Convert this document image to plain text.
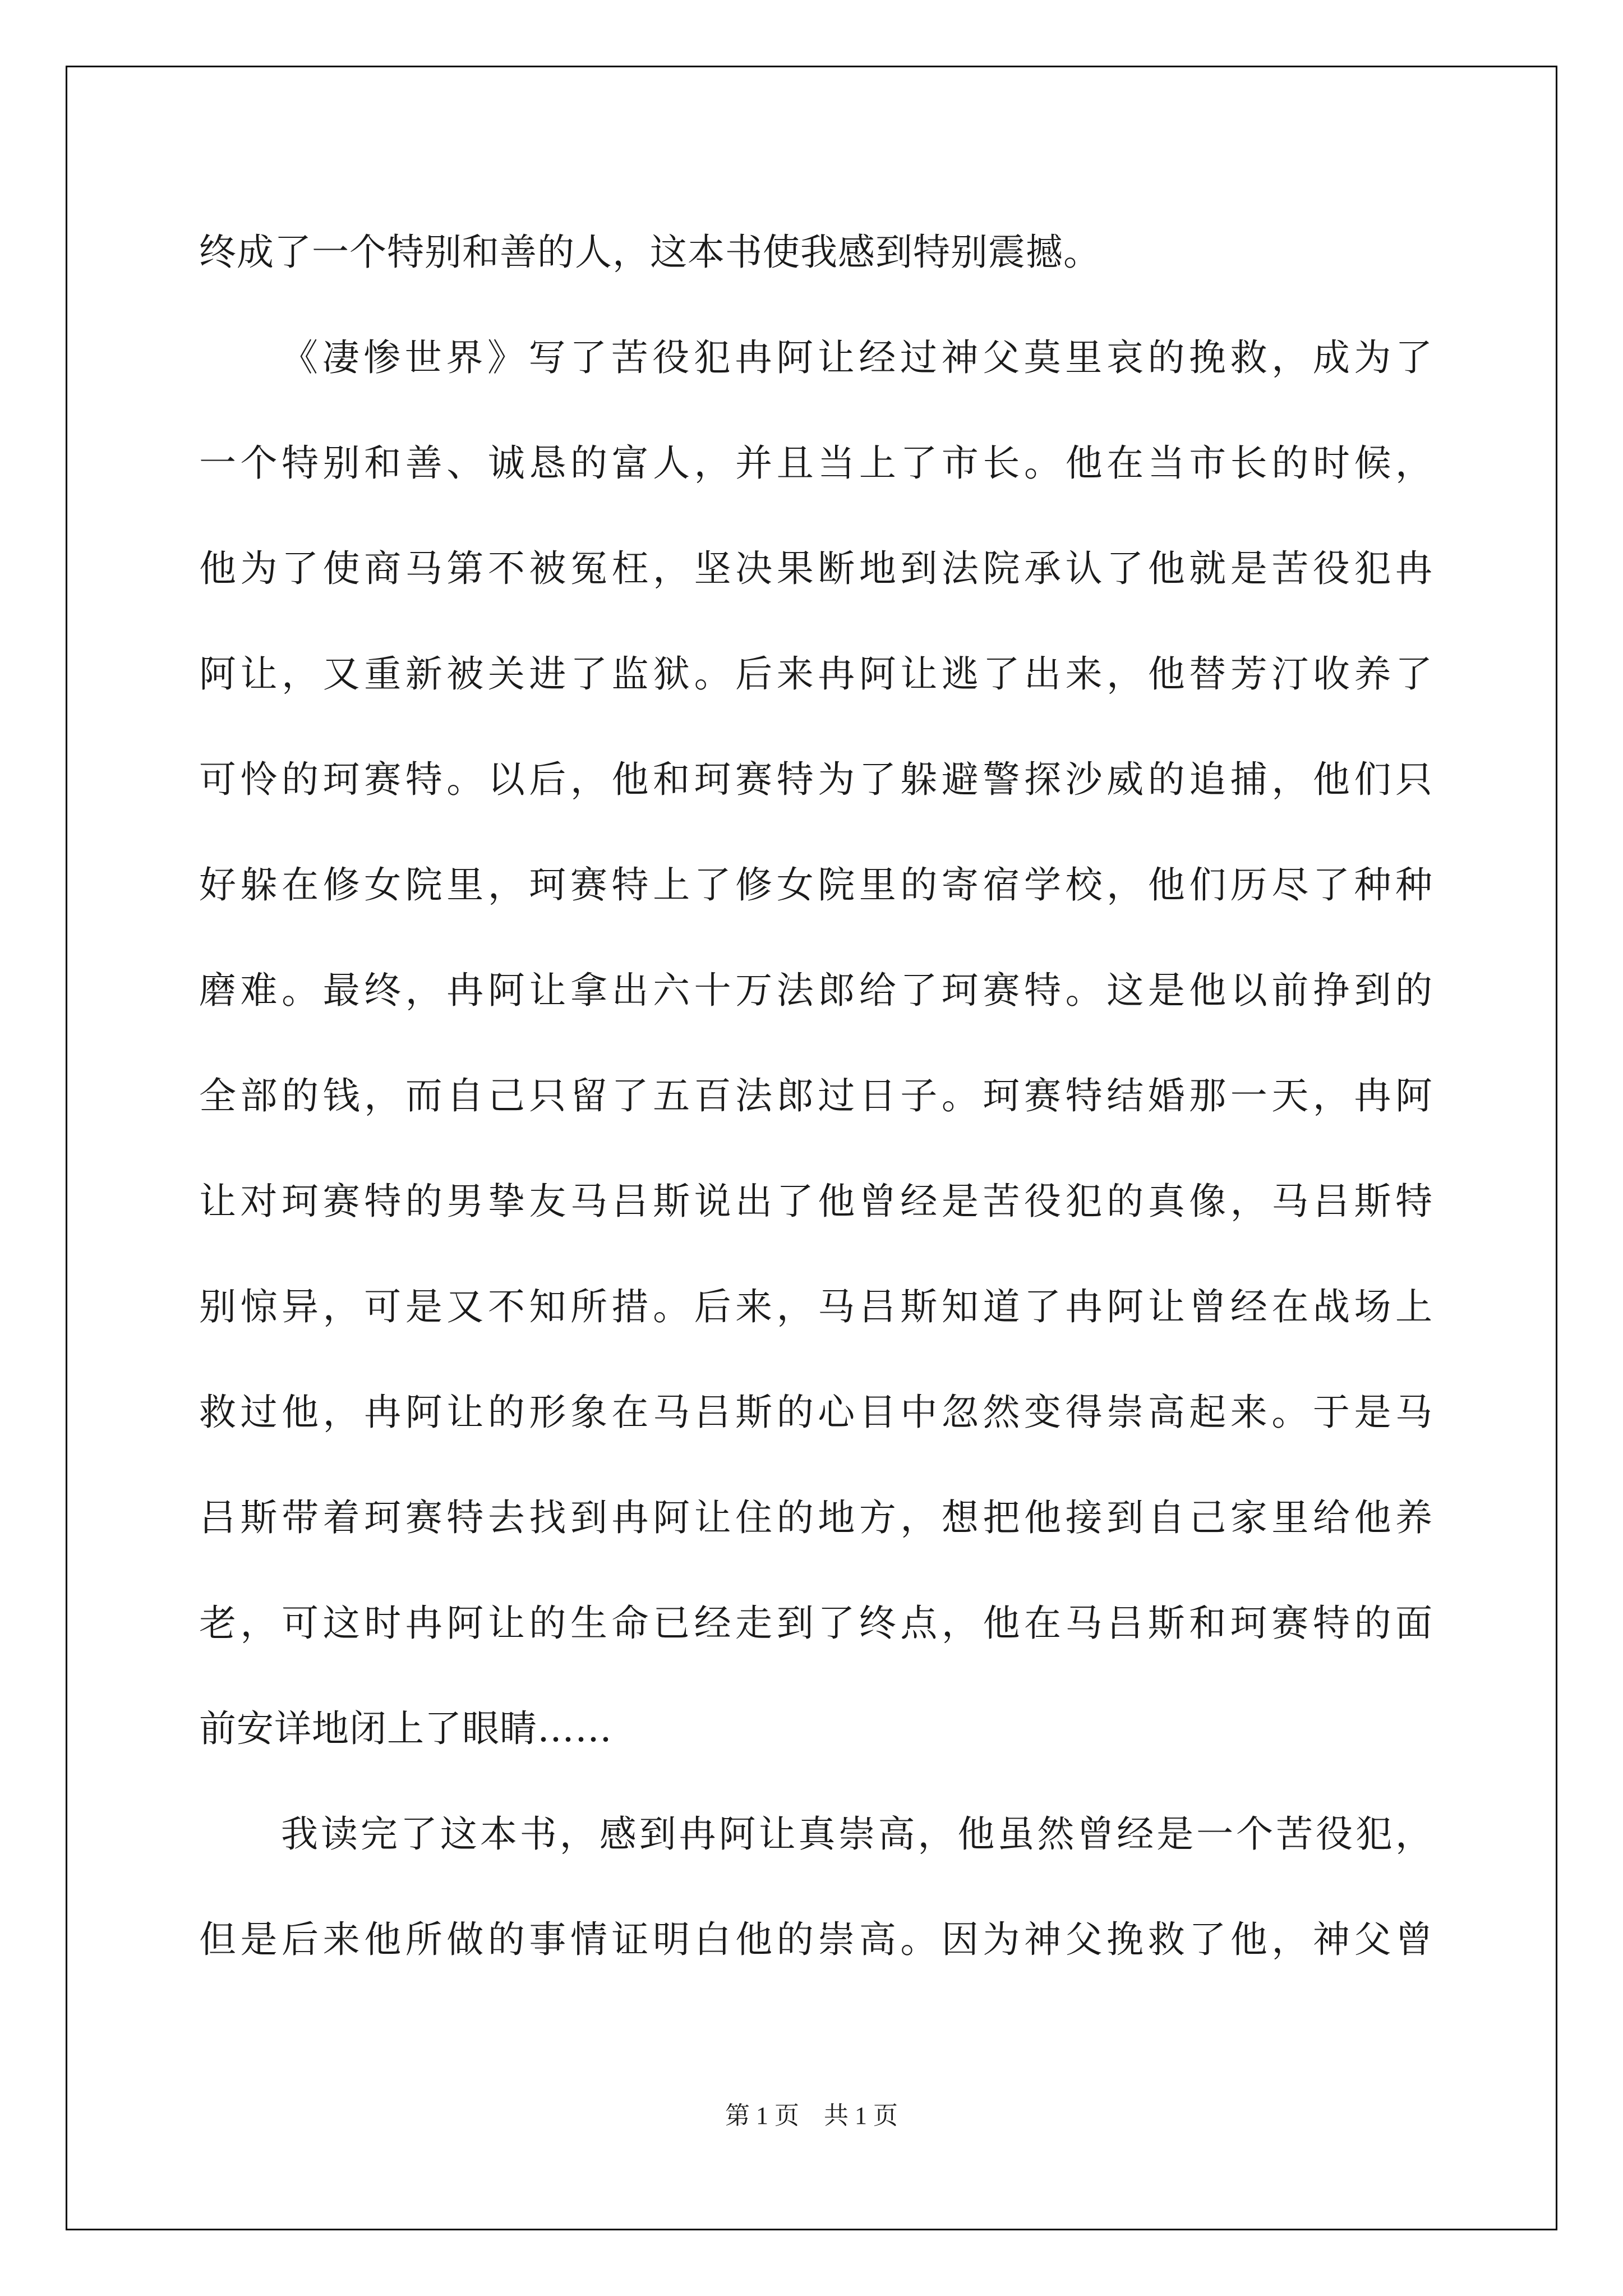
终成了一个特别和善的人，这本书使我感到特别震撼。
《凄惨世界》写了苦役犯冉阿让经过神父莫里哀的挽救，成为了
一个特别和善、诚恳的富人，并且当上了市长。他在当市长的时候，
他为了使商马第不被冤枉，坚决果断地到法院承认了他就是苦役犯冉
阿让，又重新被关进了监狱。后来冉阿让逃了出来，他替芳汀收养了
可怜的珂赛特。以后，他和珂赛特为了躲避警探沙威的追捕，他们只
好躲在修女院里，珂赛特上了修女院里的寄宿学校，他们历尽了种种
磨难。最终，冉阿让拿出六十万法郎给了珂赛特。这是他以前挣到的
全部的钱，而自己只留了五百法郎过日子。珂赛特结婚那一天，冉阿
让对珂赛特的男挚友马吕斯说出了他曾经是苦役犯的真像，马吕斯特
别惊异，可是又不知所措。后来，马吕斯知道了冉阿让曾经在战场上
救过他，冉阿让的形象在马吕斯的心目中忽然变得崇高起来。于是马
吕斯带着珂赛特去找到冉阿让住的地方，想把他接到自己家里给他养
老，可这时冉阿让的生命已经走到了终点，他在马吕斯和珂赛特的面
前安详地闭上了眼睛……
我读完了这本书，感到冉阿让真崇高，他虽然曾经是一个苦役犯，
但是后来他所做的事情证明白他的崇高。因为神父挽救了他，神父曾
第 1 页　共 1 页
